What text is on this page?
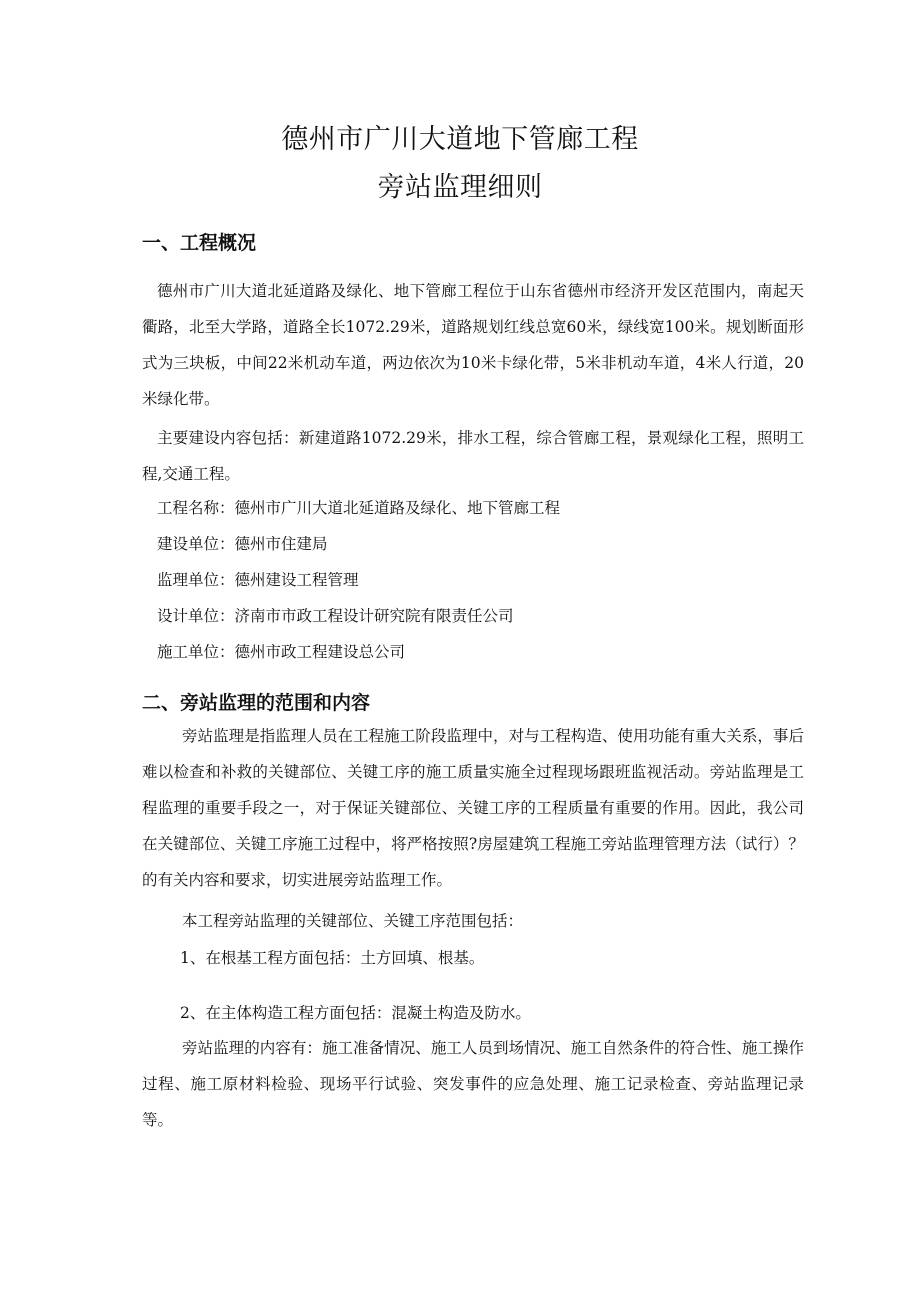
德州市广川大道地下管廊工程
旁站监理细则
一、工程概况

德州市广川大道北延道路及绿化、地下管廊工程位于山东省德州市经济开发区范围内，南起天衢路，北至大学路，道路全长1072.29米，道路规划红线总宽60米，绿线宽100米。规划断面形式为三块板，中间22米机动车道，两边依次为10米卡绿化带，5米非机动车道，4米人行道，20米绿化带。

主要建设内容包括：新建道路1072.29米，排水工程，综合管廊工程，景观绿化工程，照明工程,交通工程。

工程名称：德州市广川大道北延道路及绿化、地下管廊工程

建设单位：德州市住建局

监理单位：德州建设工程管理

设计单位：济南市市政工程设计研究院有限责任公司

施工单位：德州市政工程建设总公司

二、旁站监理的范围和内容

旁站监理是指监理人员在工程施工阶段监理中，对与工程构造、使用功能有重大关系，事后难以检查和补救的关键部位、关键工序的施工质量实施全过程现场跟班监视活动。旁站监理是工程监理的重要手段之一，对于保证关键部位、关键工序的工程质量有重要的作用。因此，我公司在关键部位、关键工序施工过程中，将严格按照?房屋建筑工程施工旁站监理管理方法（试行）？的有关内容和要求，切实进展旁站监理工作。

本工程旁站监理的关键部位、关键工序范围包括：

1、在根基工程方面包括：土方回填、根基。

2、在主体构造工程方面包括：混凝土构造及防水。

旁站监理的内容有：施工准备情况、施工人员到场情况、施工自然条件的符合性、施工操作过程、施工原材料检验、现场平行试验、突发事件的应急处理、施工记录检查、旁站监理记录等。
